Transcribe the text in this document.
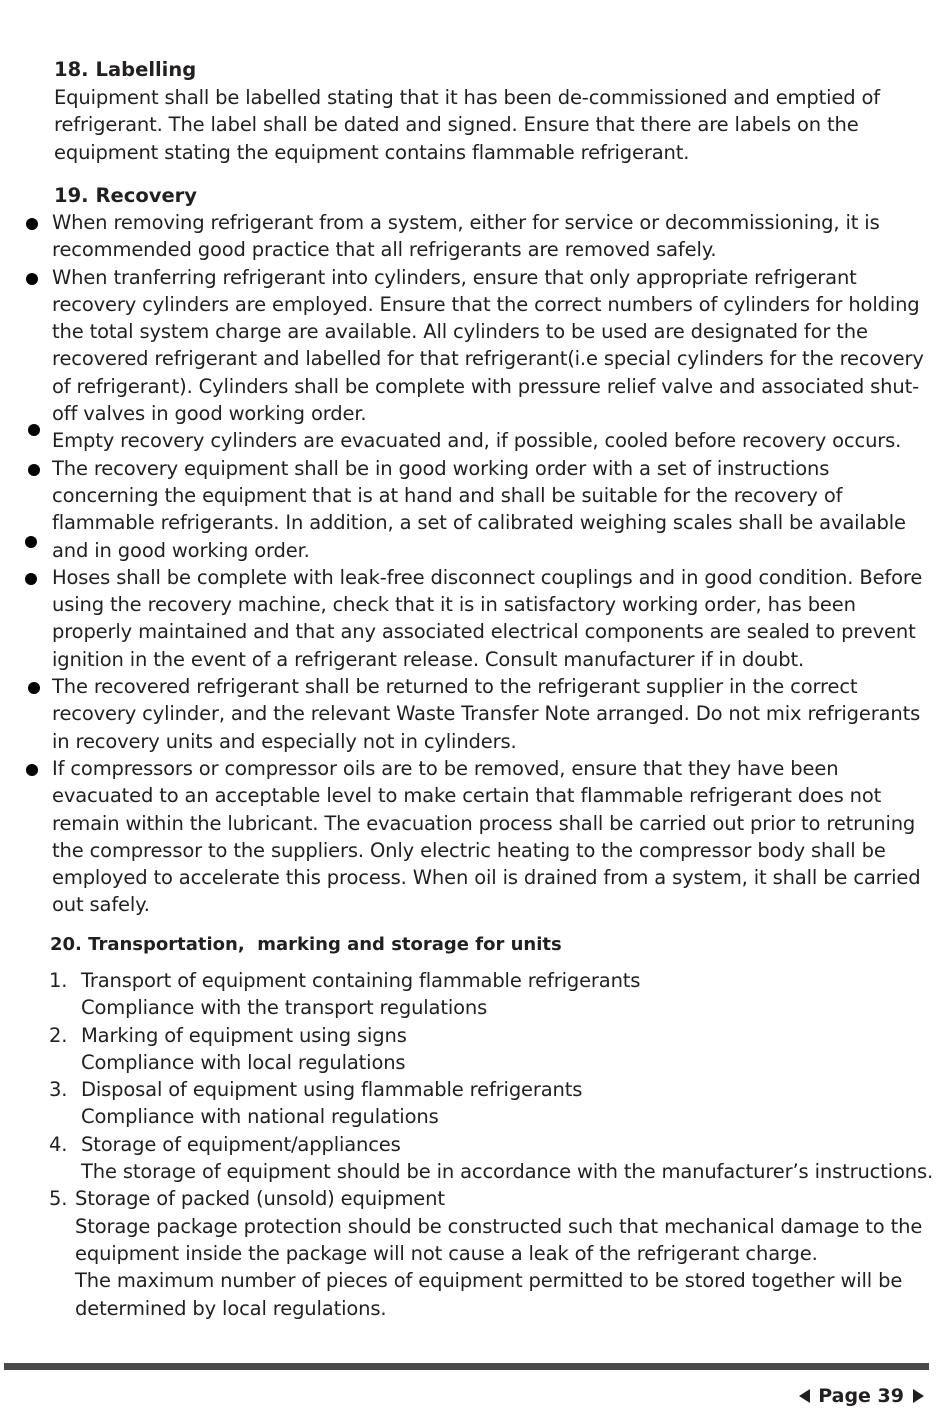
18. Labelling
Equipment shall be labelled stating that it has been de-commissioned and emptied of refrigerant. The label shall be dated and signed. Ensure that there are labels on the equipment stating the equipment contains flammable refrigerant.
19. Recovery
When removing refrigerant from a system, either for service or decommissioning, it is recommended good practice that all refrigerants are removed safely.
When tranferring refrigerant into cylinders, ensure that only appropriate refrigerant recovery cylinders are employed. Ensure that the correct numbers of cylinders for holding the total system charge are available. All cylinders to be used are designated for the recovered refrigerant and labelled for that refrigerant(i.e special cylinders for the recovery of refrigerant). Cylinders shall be complete with pressure relief valve and associated shut-off valves in good working order.
Empty recovery cylinders are evacuated and, if possible, cooled before recovery occurs.
The recovery equipment shall be in good working order with a set of instructions concerning the equipment that is at hand and shall be suitable for the recovery of flammable refrigerants. In addition, a set of calibrated weighing scales shall be available and in good working order.
Hoses shall be complete with leak-free disconnect couplings and in good condition. Before using the recovery machine, check that it is in satisfactory working order, has been properly maintained and that any associated electrical components are sealed to prevent ignition in the event of a refrigerant release. Consult manufacturer if in doubt.
The recovered refrigerant shall be returned to the refrigerant supplier in the correct recovery cylinder, and the relevant Waste Transfer Note arranged. Do not mix refrigerants in recovery units and especially not in cylinders.
If compressors or compressor oils are to be removed, ensure that they have been evacuated to an acceptable level to make certain that flammable refrigerant does not remain within the lubricant. The evacuation process shall be carried out prior to retruning the compressor to the suppliers. Only electric heating to the compressor body shall be employed to accelerate this process. When oil is drained from a system, it shall be carried out safely.
20. Transportation,  marking and storage for units
1. Transport of equipment containing flammable refrigerants
Compliance with the transport regulations
2. Marking of equipment using signs
Compliance with local regulations
3. Disposal of equipment using flammable refrigerants
Compliance with national regulations
4. Storage of equipment/appliances
The storage of equipment should be in accordance with the manufacturer’s instructions.
5. Storage of packed (unsold) equipment
Storage package protection should be constructed such that mechanical damage to the equipment inside the package will not cause a leak of the refrigerant charge.
The maximum number of pieces of equipment permitted to be stored together will be determined by local regulations.
Page 39
